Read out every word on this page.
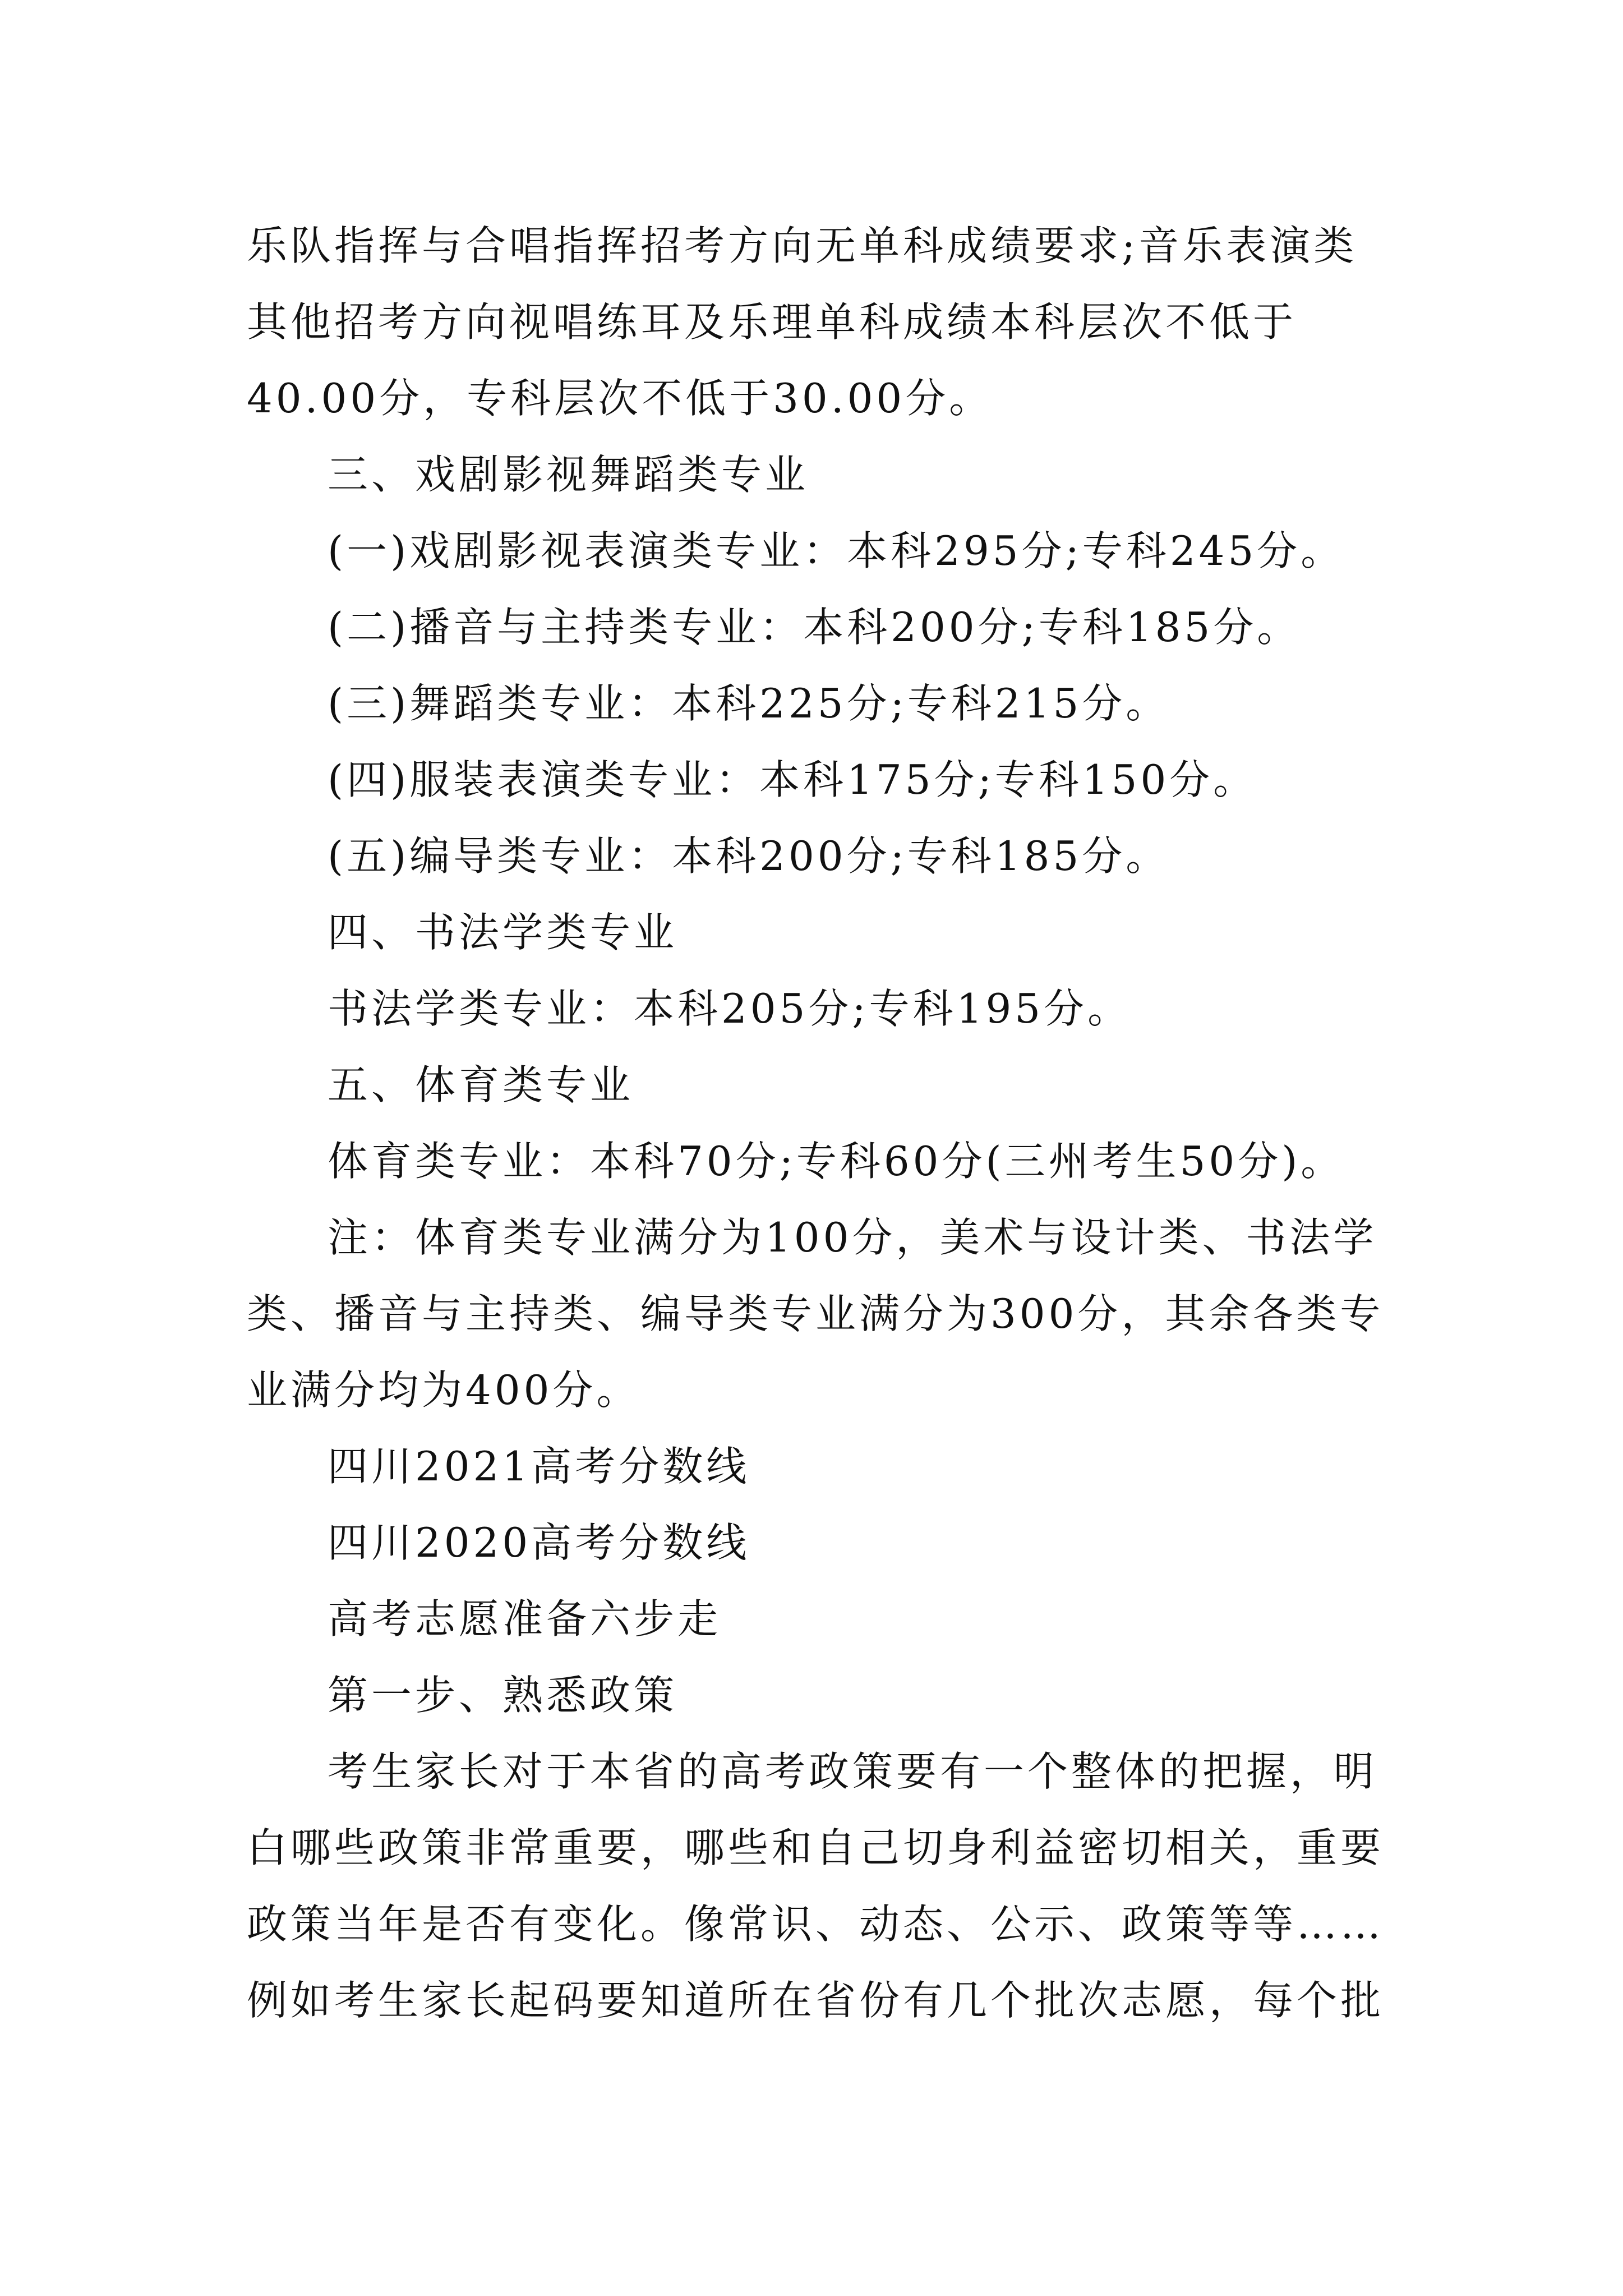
乐队指挥与合唱指挥招考方向无单科成绩要求;音乐表演类
其他招考方向视唱练耳及乐理单科成绩本科层次不低于
40.00分，专科层次不低于30.00分。
三、戏剧影视舞蹈类专业
(一)戏剧影视表演类专业：本科295分;专科245分。
(二)播音与主持类专业：本科200分;专科185分。
(三)舞蹈类专业：本科225分;专科215分。
(四)服装表演类专业：本科175分;专科150分。
(五)编导类专业：本科200分;专科185分。
四、书法学类专业
书法学类专业：本科205分;专科195分。
五、体育类专业
体育类专业：本科70分;专科60分(三州考生50分)。
注：体育类专业满分为100分，美术与设计类、书法学
类、播音与主持类、编导类专业满分为300分，其余各类专
业满分均为400分。
四川2021高考分数线
四川2020高考分数线
高考志愿准备六步走
第一步、熟悉政策
考生家长对于本省的高考政策要有一个整体的把握，明
白哪些政策非常重要，哪些和自己切身利益密切相关，重要
政策当年是否有变化。像常识、动态、公示、政策等等……
例如考生家长起码要知道所在省份有几个批次志愿，每个批
